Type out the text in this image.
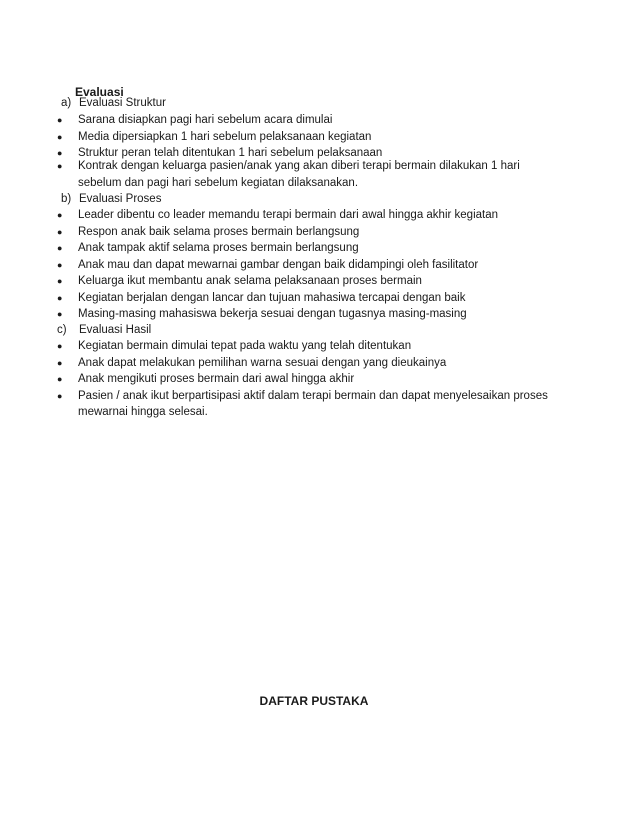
Evaluasi
a) Evaluasi Struktur
●	Sarana disiapkan pagi hari sebelum acara dimulai
●	Media dipersiapkan 1 hari sebelum pelaksanaan kegiatan
●	Struktur peran telah ditentukan 1 hari sebelum pelaksanaan
●	Kontrak dengan keluarga pasien/anak yang akan diberi terapi bermain dilakukan 1 hari sebelum dan pagi hari sebelum kegiatan dilaksanakan.
b) Evaluasi Proses
●	Leader dibentu co leader memandu terapi bermain dari awal hingga akhir kegiatan
●	Respon anak baik selama proses bermain berlangsung
●	Anak tampak aktif selama proses bermain berlangsung
●	Anak mau dan dapat mewarnai gambar dengan baik didampingi oleh fasilitator
●	Keluarga ikut membantu anak selama pelaksanaan proses bermain
●	Kegiatan berjalan dengan lancar dan tujuan mahasiwa tercapai dengan baik
●	Masing-masing mahasiswa bekerja sesuai dengan tugasnya masing-masing
c) Evaluasi Hasil
●	Kegiatan bermain dimulai tepat pada waktu yang telah ditentukan
●	Anak dapat melakukan pemilihan warna sesuai dengan yang dieukainya
●	Anak mengikuti proses bermain dari awal hingga akhir
●	Pasien / anak ikut berpartisipasi aktif dalam terapi bermain dan dapat menyelesaikan proses mewarnai hingga selesai.
DAFTAR PUSTAKA
